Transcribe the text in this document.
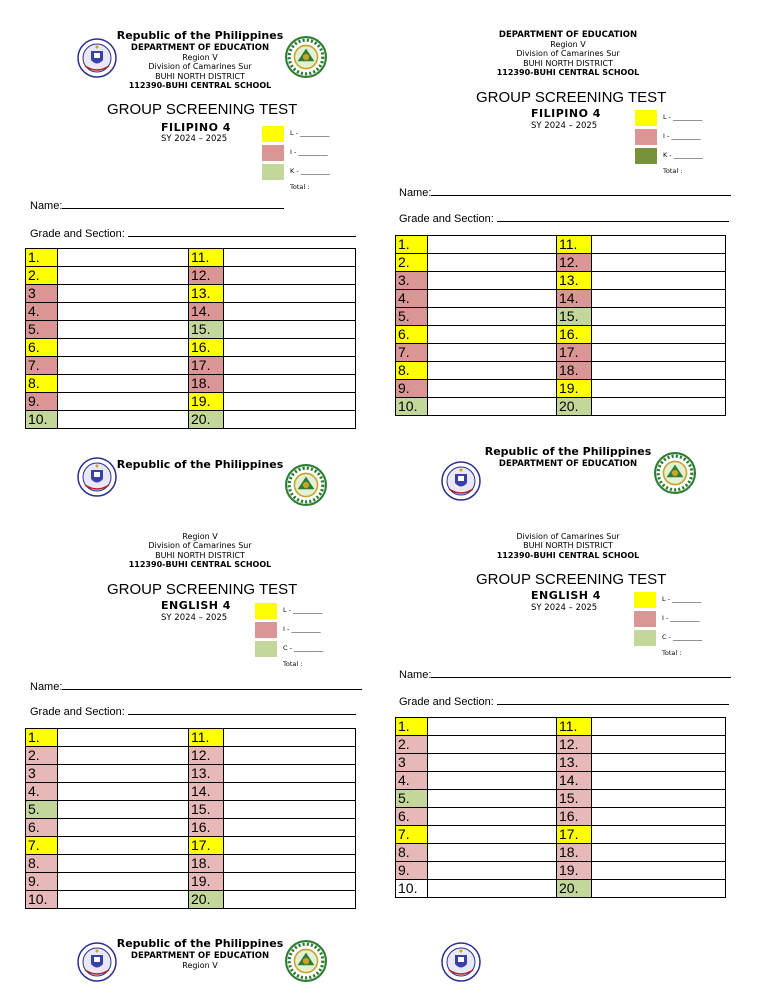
Republic of the Philippines
DEPARTMENT OF EDUCATION
Region V
Division of Camarines Sur
BUHI NORTH DISTRICT
112390-BUHI CENTRAL SCHOOL
GROUP SCREENING TEST
FILIPINO 4
SY 2024 – 2025
L - _________
I - _________
K - _________
Total :
Name:
Grade and Section:
1.		11.	
2.		12.	
3		13.	
4.		14.	
5.		15.	
6.		16.	
7.		17.	
8.		18.	
9.		19.	
10.		20.	
DEPARTMENT OF EDUCATION
Region V
Division of Camarines Sur
BUHI NORTH DISTRICT
112390-BUHI CENTRAL SCHOOL
GROUP SCREENING TEST
FILIPINO 4
SY 2024 – 2025
L - _________
I - _________
K - _________
Total :
Name:
Grade and Section:
1.		11.	
2.		12.	
3.		13.	
4.		14.	
5.		15.	
6.		16.	
7.		17.	
8.		18.	
9.		19.	
10.		20.	
Republic of the Philippines
Republic of the Philippines
DEPARTMENT OF EDUCATION
Region V
Division of Camarines Sur
BUHI NORTH DISTRICT
112390-BUHI CENTRAL SCHOOL
GROUP SCREENING TEST
ENGLISH 4
SY 2024 – 2025
L - _________
I - _________
C - _________
Total :
Name:
Grade and Section:
1.		11.	
2.		12.	
3		13.	
4.		14.	
5.		15.	
6.		16.	
7.		17.	
8.		18.	
9.		19.	
10.		20.	
Division of Camarines Sur
BUHI NORTH DISTRICT
112390-BUHI CENTRAL SCHOOL
GROUP SCREENING TEST
ENGLISH 4
SY 2024 – 2025
L - _________
I - _________
C - _________
Total :
Name:
Grade and Section:
1.		11.	
2.		12.	
3		13.	
4.		14.	
5.		15.	
6.		16.	
7.		17.	
8.		18.	
9.		19.	
10.		20.	
Republic of the Philippines
DEPARTMENT OF EDUCATION
Region V
